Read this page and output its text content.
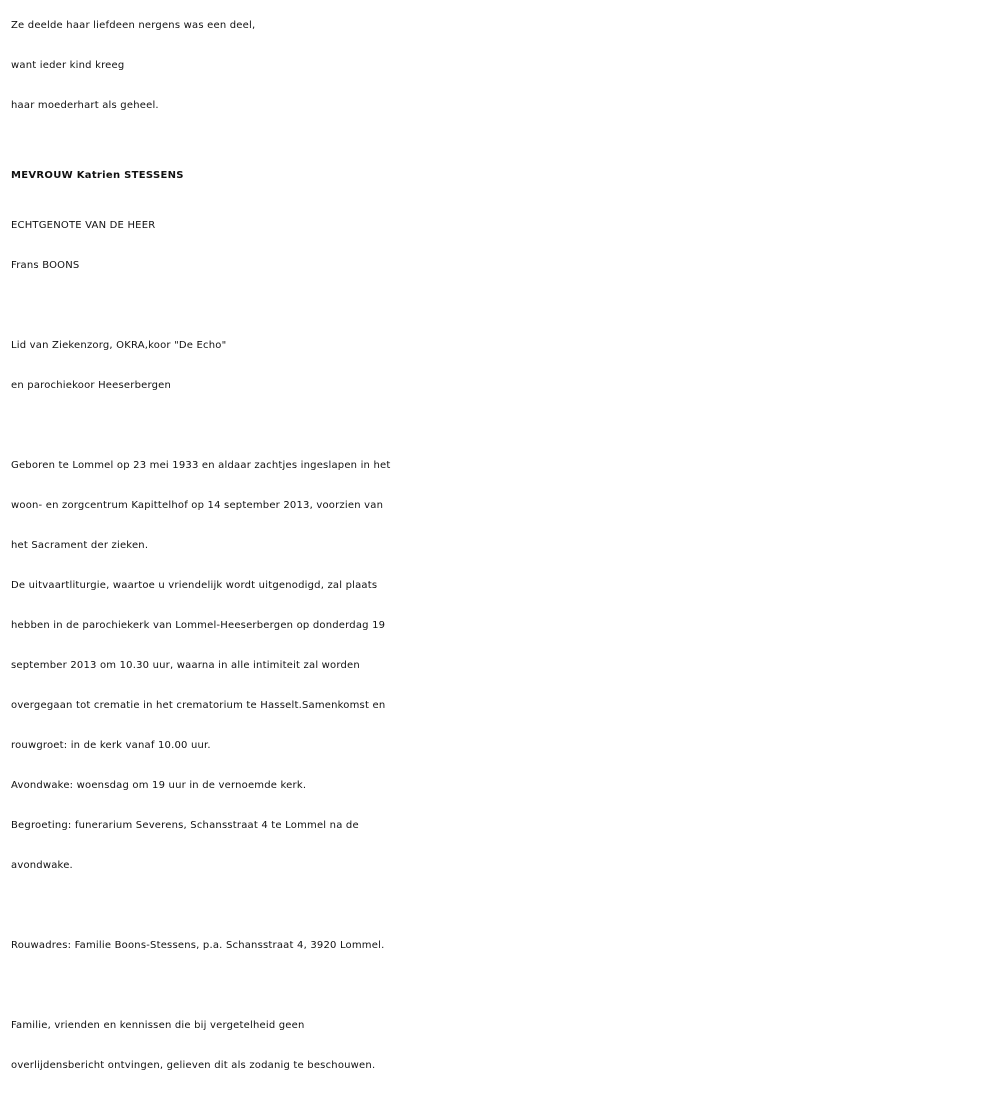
Ze deelde haar liefdeen nergens was een deel,
want ieder kind kreeg
haar moederhart als geheel.
MEVROUW Katrien STESSENS
ECHTGENOTE VAN DE HEER
Frans BOONS
Lid van Ziekenzorg, OKRA,koor "De Echo"
en parochiekoor Heeserbergen
Geboren te Lommel op 23 mei 1933 en aldaar zachtjes ingeslapen in het
woon- en zorgcentrum Kapittelhof op 14 september 2013, voorzien van
het Sacrament der zieken.
De uitvaartliturgie, waartoe u vriendelijk wordt uitgenodigd, zal plaats
hebben in de parochiekerk van Lommel-Heeserbergen op donderdag 19
september 2013 om 10.30 uur, waarna in alle intimiteit zal worden
overgegaan tot crematie in het crematorium te Hasselt.Samenkomst en
rouwgroet: in de kerk vanaf 10.00 uur.
Avondwake: woensdag om 19 uur in de vernoemde kerk.
Begroeting: funerarium Severens, Schansstraat 4 te Lommel na de
avondwake.
Rouwadres: Familie Boons-Stessens, p.a. Schansstraat 4, 3920 Lommel.
Familie, vrienden en kennissen die bij vergetelheid geen
overlijdensbericht ontvingen, gelieven dit als zodanig te beschouwen.
